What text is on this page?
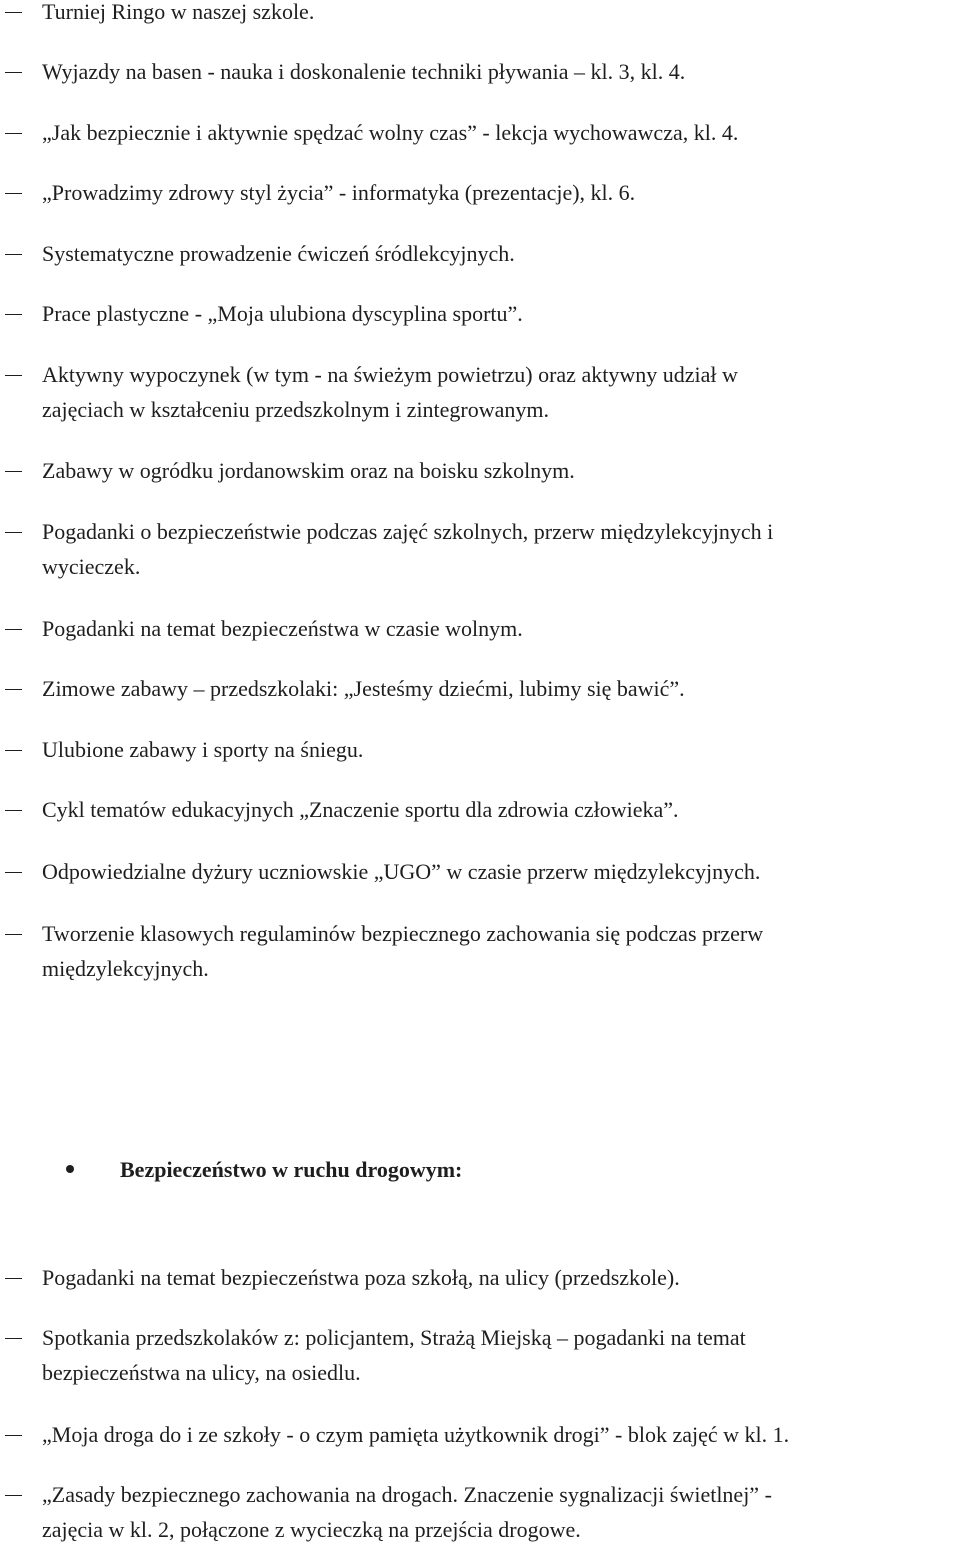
Turniej Ringo w naszej szkole.
Wyjazdy na basen - nauka i doskonalenie techniki pływania – kl. 3, kl. 4.
„Jak bezpiecznie i aktywnie spędzać wolny czas” - lekcja wychowawcza, kl. 4.
„Prowadzimy zdrowy styl życia” - informatyka (prezentacje), kl. 6.
Systematyczne prowadzenie ćwiczeń śródlekcyjnych.
Prace plastyczne - „Moja ulubiona dyscyplina sportu”.
Aktywny wypoczynek (w tym - na świeżym powietrzu) oraz aktywny udział w
zajęciach w kształceniu przedszkolnym i zintegrowanym.
Zabawy w ogródku jordanowskim oraz na boisku szkolnym.
Pogadanki o bezpieczeństwie podczas zajęć szkolnych, przerw międzylekcyjnych i
wycieczek.
Pogadanki na temat bezpieczeństwa w czasie wolnym.
Zimowe zabawy – przedszkolaki: „Jesteśmy dziećmi, lubimy się bawić”.
Ulubione zabawy i sporty na śniegu.
Cykl tematów edukacyjnych „Znaczenie sportu dla zdrowia człowieka”.
Odpowiedzialne dyżury uczniowskie „UGO” w czasie przerw międzylekcyjnych.
Tworzenie klasowych regulaminów bezpiecznego zachowania się podczas przerw
międzylekcyjnych.
Bezpieczeństwo w ruchu drogowym:
Pogadanki na temat bezpieczeństwa poza szkołą, na ulicy (przedszkole).
Spotkania przedszkolaków z: policjantem, Strażą Miejską – pogadanki na temat
bezpieczeństwa na ulicy, na osiedlu.
„Moja droga do i ze szkoły - o czym pamięta użytkownik drogi” - blok zajęć w kl. 1.
„Zasady bezpiecznego zachowania na drogach. Znaczenie sygnalizacji świetlnej” -
zajęcia w kl. 2, połączone z wycieczką na przejścia drogowe.
